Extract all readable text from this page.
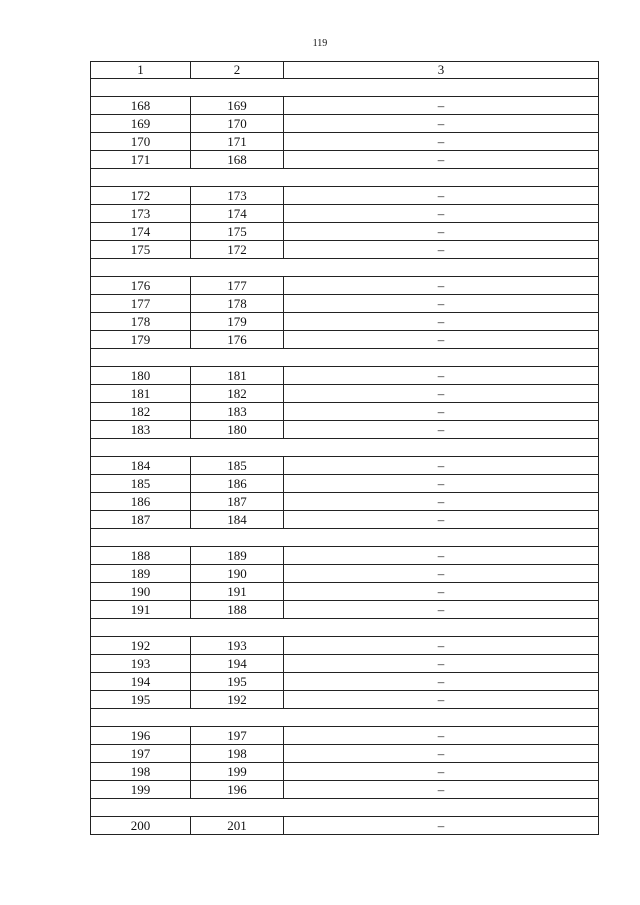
119
1	2	3

168	169	–
169	170	–
170	171	–
171	168	–

172	173	–
173	174	–
174	175	–
175	172	–

176	177	–
177	178	–
178	179	–
179	176	–

180	181	–
181	182	–
182	183	–
183	180	–

184	185	–
185	186	–
186	187	–
187	184	–

188	189	–
189	190	–
190	191	–
191	188	–

192	193	–
193	194	–
194	195	–
195	192	–

196	197	–
197	198	–
198	199	–
199	196	–

200	201	–
